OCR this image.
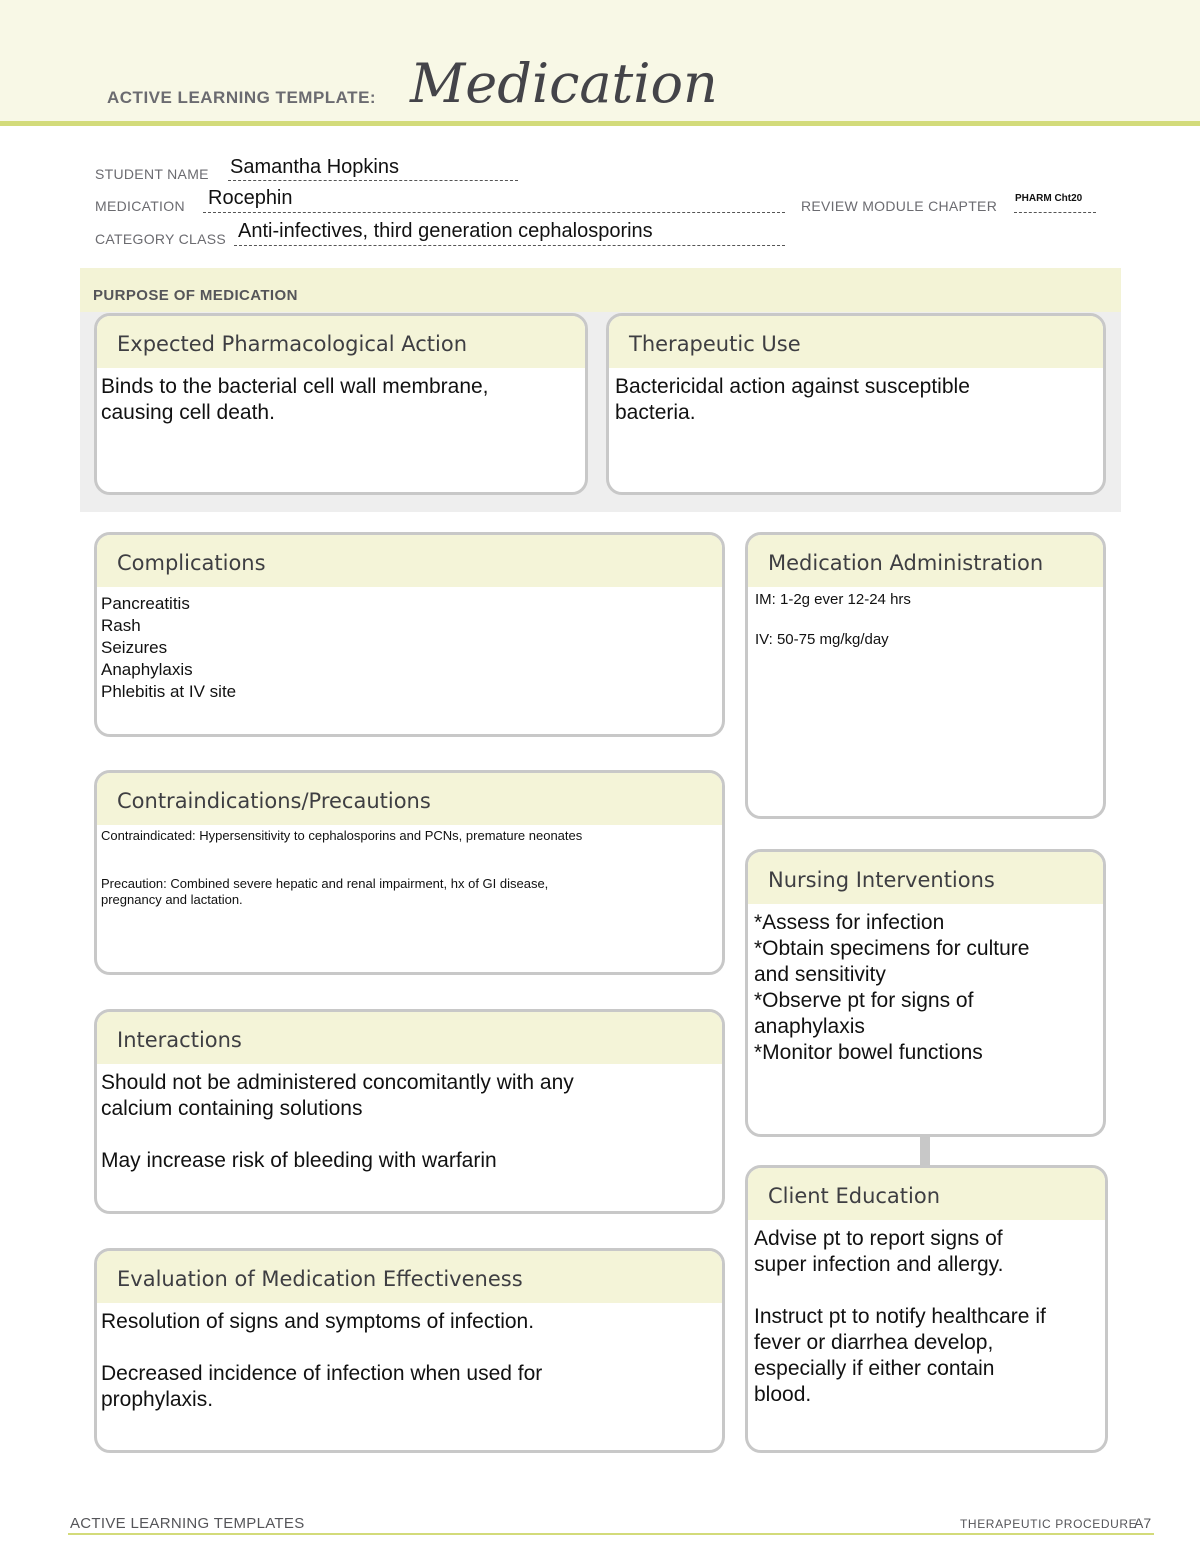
ACTIVE LEARNING TEMPLATE: Medication
STUDENT NAME Samantha Hopkins
MEDICATION Rocephin	REVIEW MODULE CHAPTER PHARM Cht20
CATEGORY CLASS Anti-infectives, third generation cephalosporins
PURPOSE OF MEDICATION
Expected Pharmacological Action
Binds to the bacterial cell wall membrane,
causing cell death.
Therapeutic Use
Bactericidal action against susceptible
bacteria.
Complications
Pancreatitis
Rash
Seizures
Anaphylaxis
Phlebitis at IV site
Contraindications/Precautions
Contraindicated: Hypersensitivity to cephalosporins and PCNs, premature neonates

Precaution: Combined severe hepatic and renal impairment, hx of GI disease,
pregnancy and lactation.
Interactions
Should not be administered concomitantly with any
calcium containing solutions

May increase risk of bleeding with warfarin
Evaluation of Medication Effectiveness
Resolution of signs and symptoms of infection.

Decreased incidence of infection when used for
prophylaxis.
Medication Administration
IM: 1-2g ever 12-24 hrs

IV: 50-75 mg/kg/day
Nursing Interventions
*Assess for infection
*Obtain specimens for culture
and sensitivity
*Observe pt for signs of
anaphylaxis
*Monitor bowel functions
Client Education
Advise pt to report signs of
super infection and allergy.

Instruct pt to notify healthcare if
fever or diarrhea develop,
especially if either contain
blood.
ACTIVE LEARNING TEMPLATES	THERAPEUTIC PROCEDURE
A7
